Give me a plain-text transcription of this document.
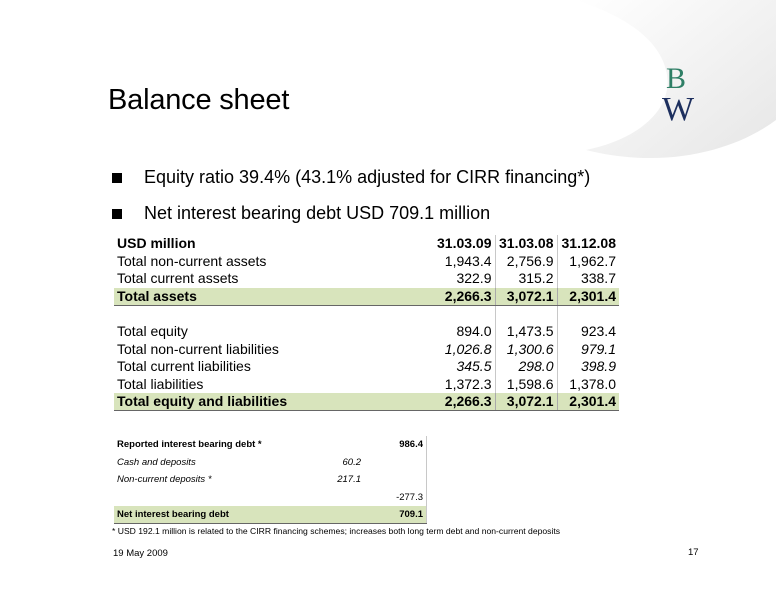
B
W
Balance sheet
Equity ratio 39.4% (43.1% adjusted for CIRR financing*)
Net interest bearing debt USD 709.1 million
USD million	31.03.09	31.03.08	31.12.08
Total non-current assets	1,943.4	2,756.9	1,962.7
Total current assets	322.9	315.2	338.7
Total assets	2,266.3	3,072.1	2,301.4

Total equity	894.0	1,473.5	923.4
Total non-current liabilities	1,026.8	1,300.6	979.1
Total current liabilities	345.5	298.0	398.9
Total liabilities	1,372.3	1,598.6	1,378.0
Total equity and liabilities	2,266.3	3,072.1	2,301.4
Reported interest bearing debt *		986.4
Cash and deposits	60.2	
Non-current deposits *	217.1	
		-277.3
Net interest bearing debt		709.1
* USD 192.1 million is related to the CIRR financing schemes; increases both long term debt and non-current deposits
19 May 2009	17
